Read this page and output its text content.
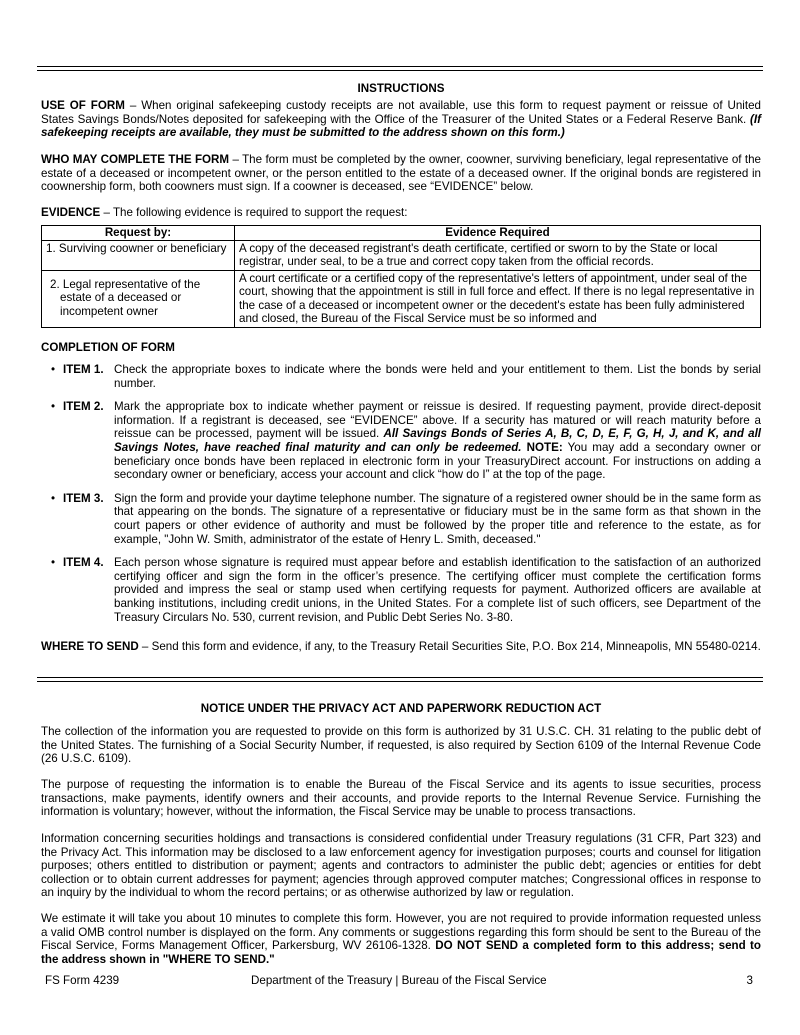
INSTRUCTIONS

USE OF FORM – When original safekeeping custody receipts are not available, use this form to request payment or reissue of United States Savings Bonds/Notes deposited for safekeeping with the Office of the Treasurer of the United States or a Federal Reserve Bank. (If safekeeping receipts are available, they must be submitted to the address shown on this form.)

WHO MAY COMPLETE THE FORM – The form must be completed by the owner, coowner, surviving beneficiary, legal representative of the estate of a deceased or incompetent owner, or the person entitled to the estate of a deceased owner. If the original bonds are registered in coownership form, both coowners must sign. If a coowner is deceased, see “EVIDENCE” below.

EVIDENCE – The following evidence is required to support the request:

Request by:	Evidence Required
1. Surviving coowner or beneficiary	A copy of the deceased registrant's death certificate, certified or sworn to by the State or local registrar, under seal, to be a true and correct copy taken from the official records.
2. Legal representative of the estate of a deceased or incompetent owner	A court certificate or a certified copy of the representative's letters of appointment, under seal of the court, showing that the appointment is still in full force and effect. If there is no legal representative in the case of a deceased or incompetent owner or the decedent's estate has been fully administered and closed, the Bureau of the Fiscal Service must be so informed and

COMPLETION OF FORM

• ITEM 1. Check the appropriate boxes to indicate where the bonds were held and your entitlement to them. List the bonds by serial number.
• ITEM 2. Mark the appropriate box to indicate whether payment or reissue is desired. If requesting payment, provide direct-deposit information. If a registrant is deceased, see “EVIDENCE” above. If a security has matured or will reach maturity before a reissue can be processed, payment will be issued. All Savings Bonds of Series A, B, C, D, E, F, G, H, J, and K, and all Savings Notes, have reached final maturity and can only be redeemed. NOTE: You may add a secondary owner or beneficiary once bonds have been replaced in electronic form in your TreasuryDirect account. For instructions on adding a secondary owner or beneficiary, access your account and click “how do I” at the top of the page.
• ITEM 3. Sign the form and provide your daytime telephone number. The signature of a registered owner should be in the same form as that appearing on the bonds. The signature of a representative or fiduciary must be in the same form as that shown in the court papers or other evidence of authority and must be followed by the proper title and reference to the estate, as for example, "John W. Smith, administrator of the estate of Henry L. Smith, deceased."
• ITEM 4. Each person whose signature is required must appear before and establish identification to the satisfaction of an authorized certifying officer and sign the form in the officer’s presence. The certifying officer must complete the certification forms provided and impress the seal or stamp used when certifying requests for payment. Authorized officers are available at banking institutions, including credit unions, in the United States. For a complete list of such officers, see Department of the Treasury Circulars No. 530, current revision, and Public Debt Series No. 3-80.

WHERE TO SEND – Send this form and evidence, if any, to the Treasury Retail Securities Site, P.O. Box 214, Minneapolis, MN 55480-0214.

NOTICE UNDER THE PRIVACY ACT AND PAPERWORK REDUCTION ACT

The collection of the information you are requested to provide on this form is authorized by 31 U.S.C. CH. 31 relating to the public debt of the United States. The furnishing of a Social Security Number, if requested, is also required by Section 6109 of the Internal Revenue Code (26 U.S.C. 6109).

The purpose of requesting the information is to enable the Bureau of the Fiscal Service and its agents to issue securities, process transactions, make payments, identify owners and their accounts, and provide reports to the Internal Revenue Service. Furnishing the information is voluntary; however, without the information, the Fiscal Service may be unable to process transactions.

Information concerning securities holdings and transactions is considered confidential under Treasury regulations (31 CFR, Part 323) and the Privacy Act. This information may be disclosed to a law enforcement agency for investigation purposes; courts and counsel for litigation purposes; others entitled to distribution or payment; agents and contractors to administer the public debt; agencies or entities for debt collection or to obtain current addresses for payment; agencies through approved computer matches; Congressional offices in response to an inquiry by the individual to whom the record pertains; or as otherwise authorized by law or regulation.

We estimate it will take you about 10 minutes to complete this form. However, you are not required to provide information requested unless a valid OMB control number is displayed on the form. Any comments or suggestions regarding this form should be sent to the Bureau of the Fiscal Service, Forms Management Officer, Parkersburg, WV 26106-1328. DO NOT SEND a completed form to this address; send to the address shown in "WHERE TO SEND."

FS Form 4239	Department of the Treasury | Bureau of the Fiscal Service	3
